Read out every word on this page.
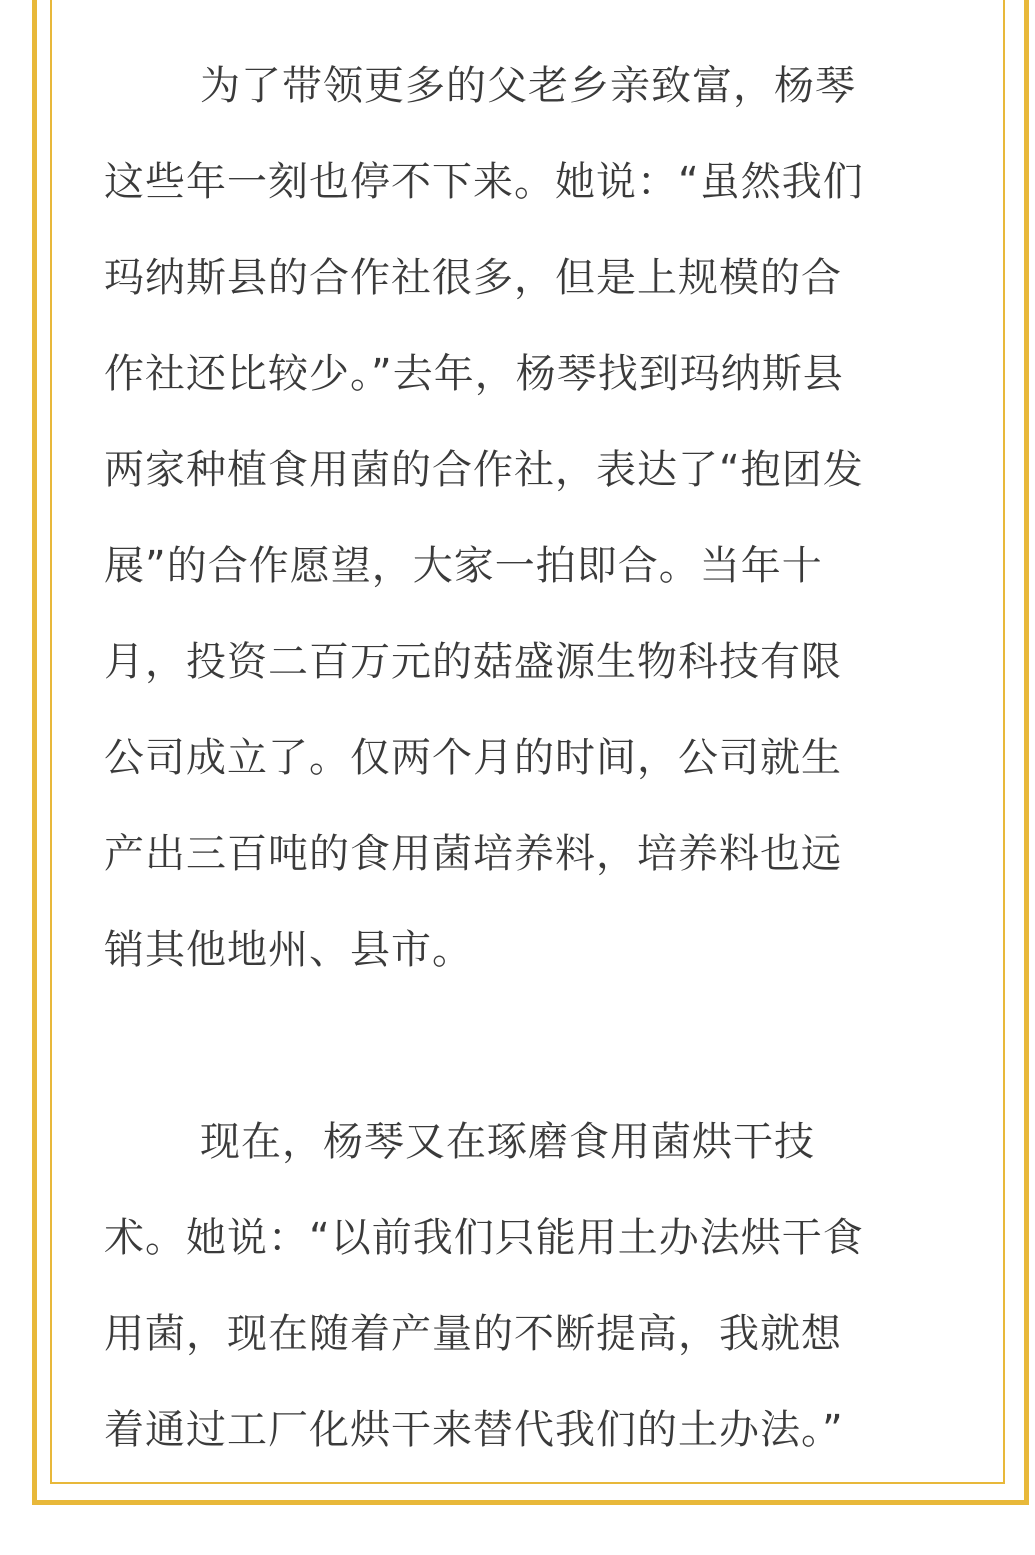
为了带领更多的父老乡亲致富，杨琴
这些年一刻也停不下来。她说：“虽然我们
玛纳斯县的合作社很多，但是上规模的合
作社还比较少。”去年，杨琴找到玛纳斯县
两家种植食用菌的合作社，表达了“抱团发
展”的合作愿望，大家一拍即合。当年十
月，投资二百万元的菇盛源生物科技有限
公司成立了。仅两个月的时间，公司就生
产出三百吨的食用菌培养料，培养料也远
销其他地州、县市。

现在，杨琴又在琢磨食用菌烘干技
术。她说：“以前我们只能用土办法烘干食
用菌，现在随着产量的不断提高，我就想
着通过工厂化烘干来替代我们的土办法。”
